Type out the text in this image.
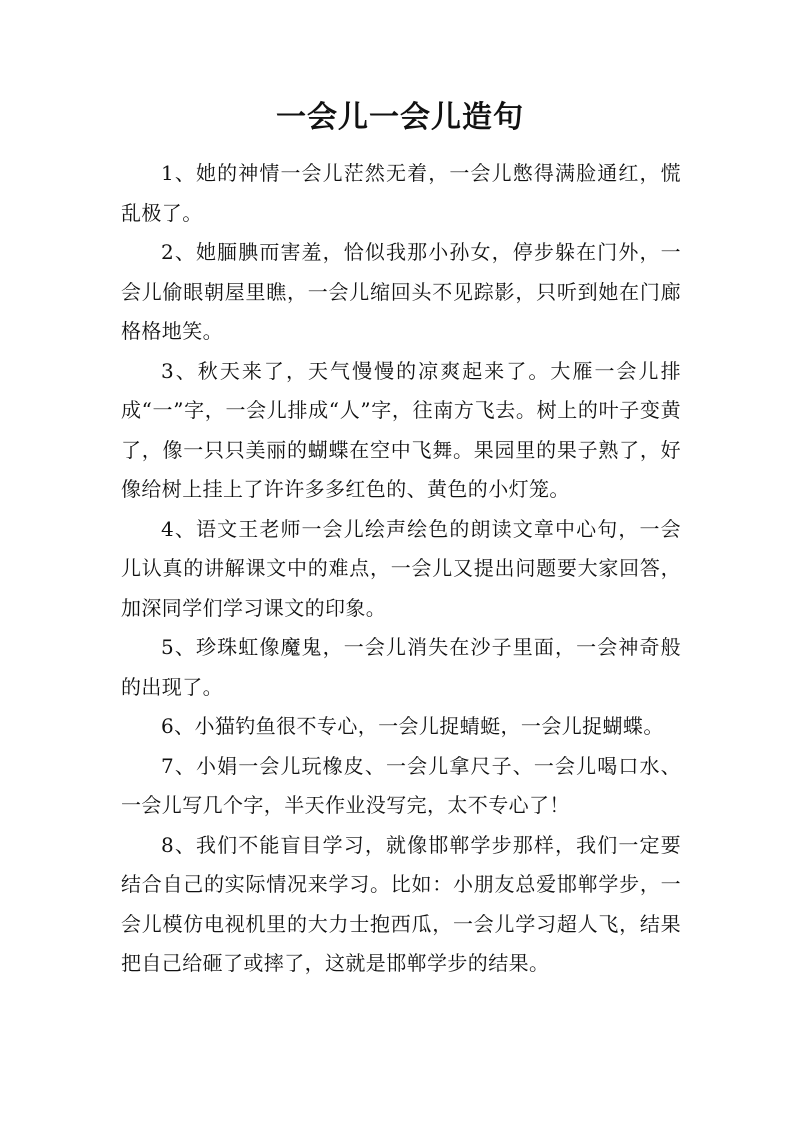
一会儿一会儿造句

1、她的神情一会儿茫然无着，一会儿憋得满脸通红，慌乱极了。

2、她腼腆而害羞，恰似我那小孙女，停步躲在门外，一会儿偷眼朝屋里瞧，一会儿缩回头不见踪影，只听到她在门廊格格地笑。

3、秋天来了，天气慢慢的凉爽起来了。大雁一会儿排成“一”字，一会儿排成“人”字，往南方飞去。树上的叶子变黄了，像一只只美丽的蝴蝶在空中飞舞。果园里的果子熟了，好像给树上挂上了许许多多红色的、黄色的小灯笼。

4、语文王老师一会儿绘声绘色的朗读文章中心句，一会儿认真的讲解课文中的难点，一会儿又提出问题要大家回答，加深同学们学习课文的印象。

5、珍珠虹像魔鬼，一会儿消失在沙子里面，一会神奇般的出现了。

6、小猫钓鱼很不专心，一会儿捉蜻蜓，一会儿捉蝴蝶。

7、小娟一会儿玩橡皮、一会儿拿尺子、一会儿喝口水、一会儿写几个字，半天作业没写完，太不专心了！

8、我们不能盲目学习，就像邯郸学步那样，我们一定要结合自己的实际情况来学习。比如：小朋友总爱邯郸学步，一会儿模仿电视机里的大力士抱西瓜，一会儿学习超人飞，结果把自己给砸了或摔了，这就是邯郸学步的结果。
